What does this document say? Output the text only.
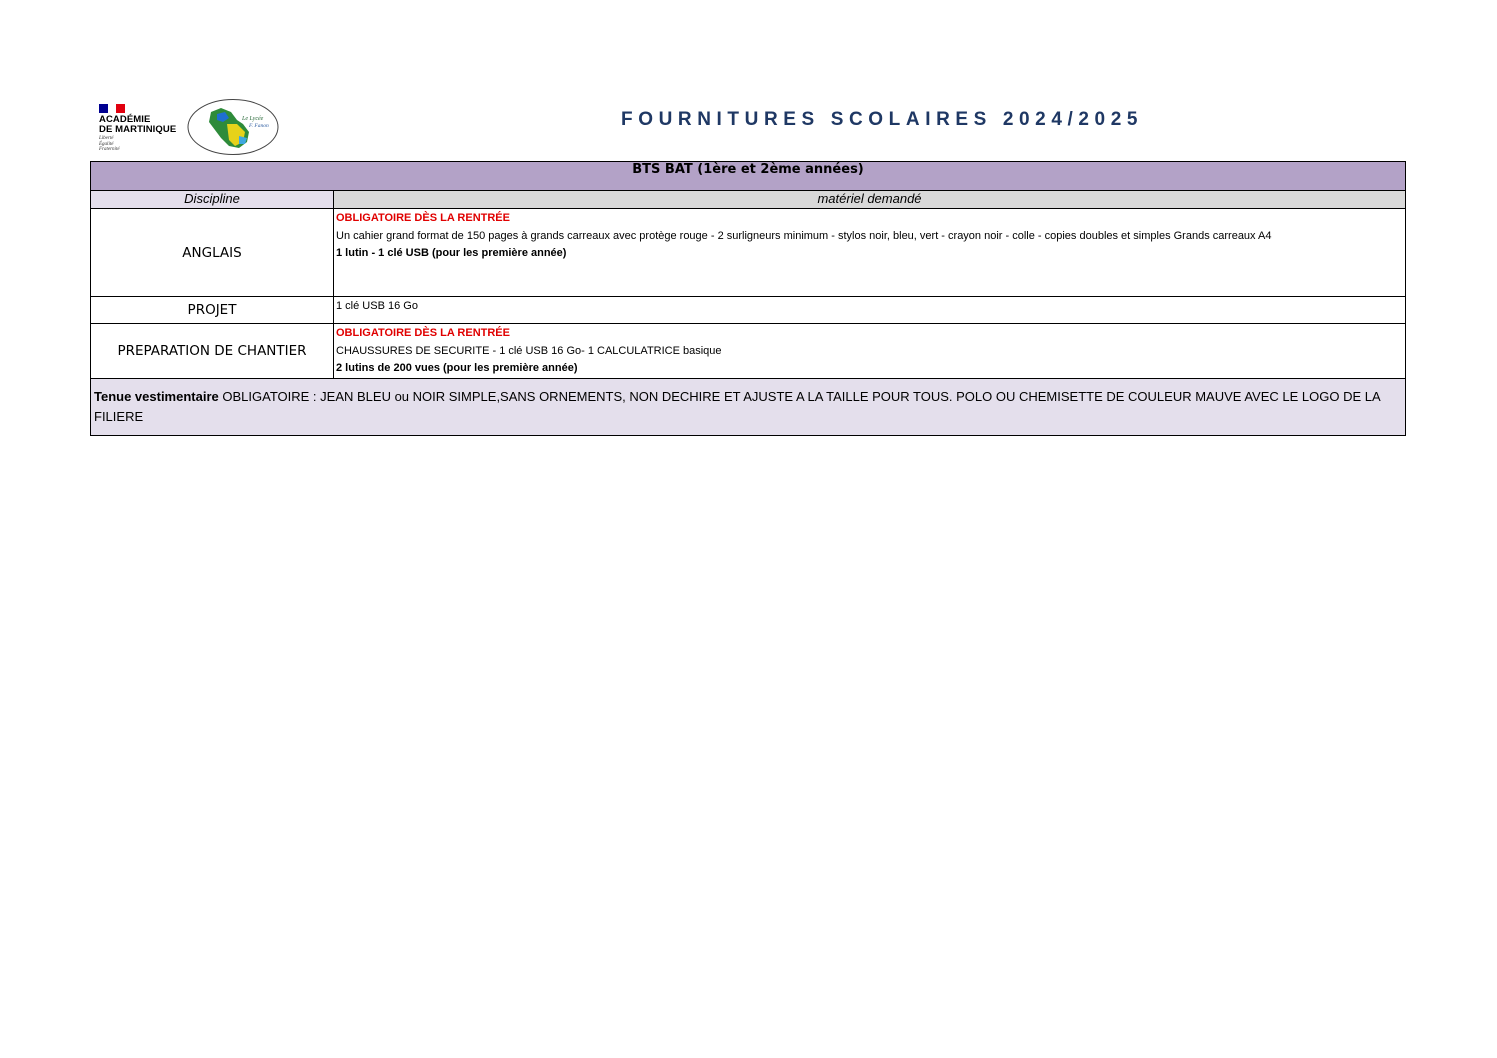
ACADÉMIE
DE MARTINIQUE
Liberté
Égalité
Fraternité
Le Lycée
F. Fanon	FOURNITURES SCOLAIRES 2024/2025
BTS BAT (1ère et 2ème années)	
Discipline	matériel demandé
ANGLAIS	OBLIGATOIRE DÈS LA RENTRÉE
Un cahier grand format de 150 pages à grands carreaux avec protège rouge - 2 surligneurs minimum - stylos noir, bleu, vert - crayon noir - colle - copies doubles et simples Grands carreaux A4
1 lutin - 1 clé USB (pour les première année)

PROJET	1 clé USB 16 Go

PREPARATION DE CHANTIER	OBLIGATOIRE DÈS LA RENTRÉE
CHAUSSURES DE SECURITE - 1 clé USB 16 Go- 1 CALCULATRICE basique
2 lutins de 200 vues (pour les première année)

Tenue vestimentaire OBLIGATOIRE : JEAN BLEU ou NOIR SIMPLE,SANS ORNEMENTS, NON DECHIRE ET AJUSTE A LA TAILLE POUR TOUS. POLO OU CHEMISETTE DE COULEUR MAUVE AVEC LE LOGO DE LA FILIERE	
